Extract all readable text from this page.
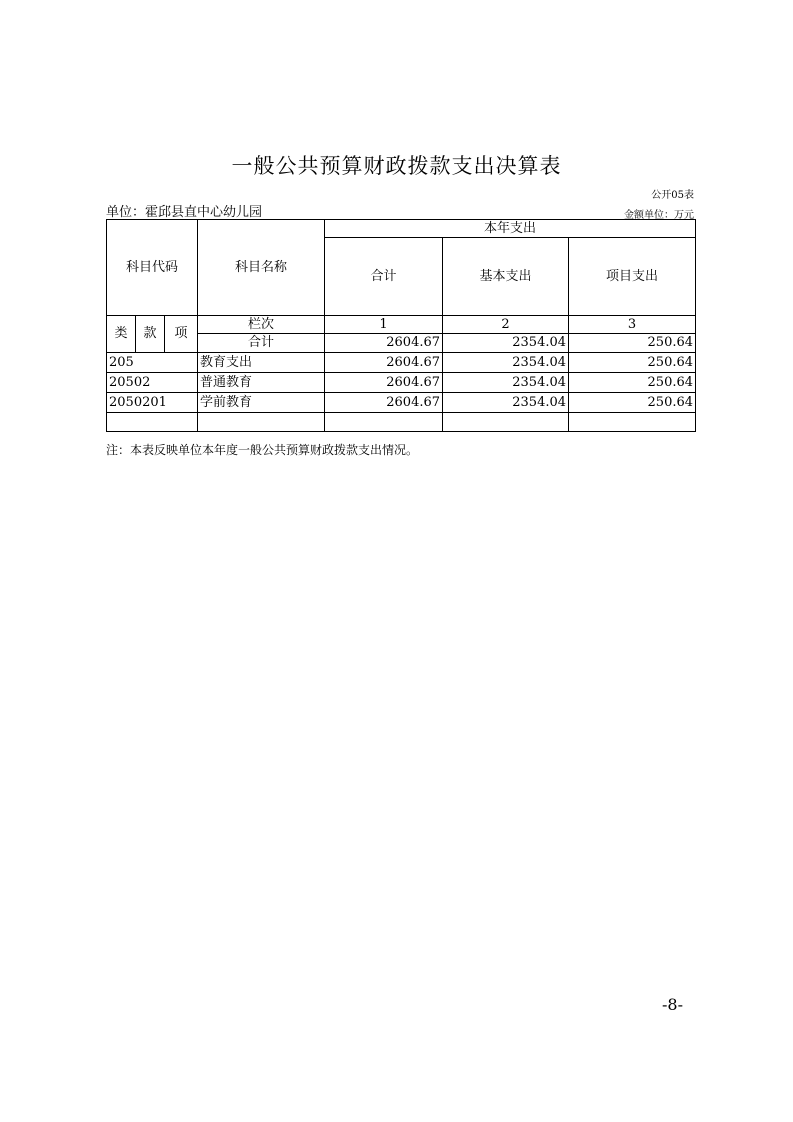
一般公共预算财政拨款支出决算表
公开05表
单位：霍邱县直中心幼儿园	金额单位：万元
科目代码			科目名称	本年支出		
				合计	基本支出	项目支出
类	款	项	栏次	1	2	3
			合计	2604.67	2354.04	250.64
205			教育支出	2604.67	2354.04	250.64
20502			普通教育	2604.67	2354.04	250.64
2050201			学前教育	2604.67	2354.04	250.64

注：本表反映单位本年度一般公共预算财政拨款支出情况。
-8-
